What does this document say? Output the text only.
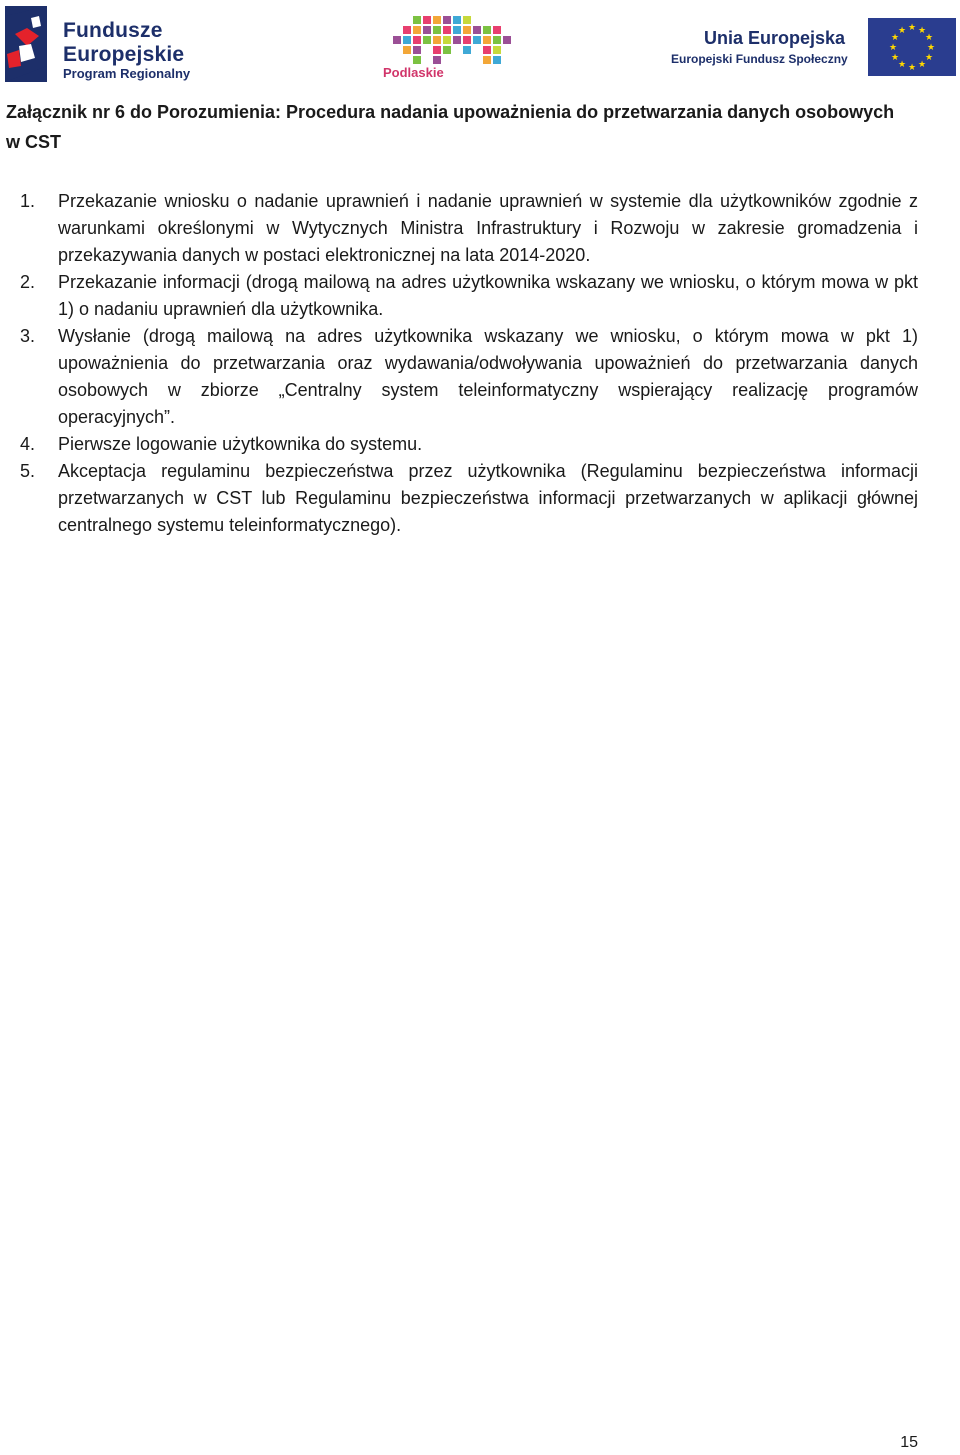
Fundusze
Europejskie
Program Regionalny	Podlaskie
Unia Europejska
Europejski Fundusz Społeczny
★ ★
★
★
★
★
★
★
★
★
★
★
Załącznik nr 6 do Porozumienia: Procedura nadania upoważnienia do przetwarzania danych osobowych w CST
1. Przekazanie wniosku o nadanie uprawnień i nadanie uprawnień w systemie dla użytkowników zgodnie z warunkami określonymi w Wytycznych Ministra Infrastruktury i Rozwoju w zakresie gromadzenia i przekazywania danych w postaci elektronicznej na lata 2014-2020.
2. Przekazanie informacji (drogą mailową na adres użytkownika wskazany we wniosku, o którym mowa w pkt 1) o nadaniu uprawnień dla użytkownika.
3. Wysłanie (drogą mailową na adres użytkownika wskazany we wniosku, o którym mowa w pkt 1) upoważnienia do przetwarzania oraz wydawania/odwoływania upoważnień do przetwarzania danych osobowych w zbiorze „Centralny system teleinformatyczny wspierający realizację programów operacyjnych”.
4. Pierwsze logowanie użytkownika do systemu.
5. Akceptacja regulaminu bezpieczeństwa przez użytkownika (Regulaminu bezpieczeństwa informacji przetwarzanych w CST lub Regulaminu bezpieczeństwa informacji przetwarzanych w aplikacji głównej centralnego systemu teleinformatycznego).
15
